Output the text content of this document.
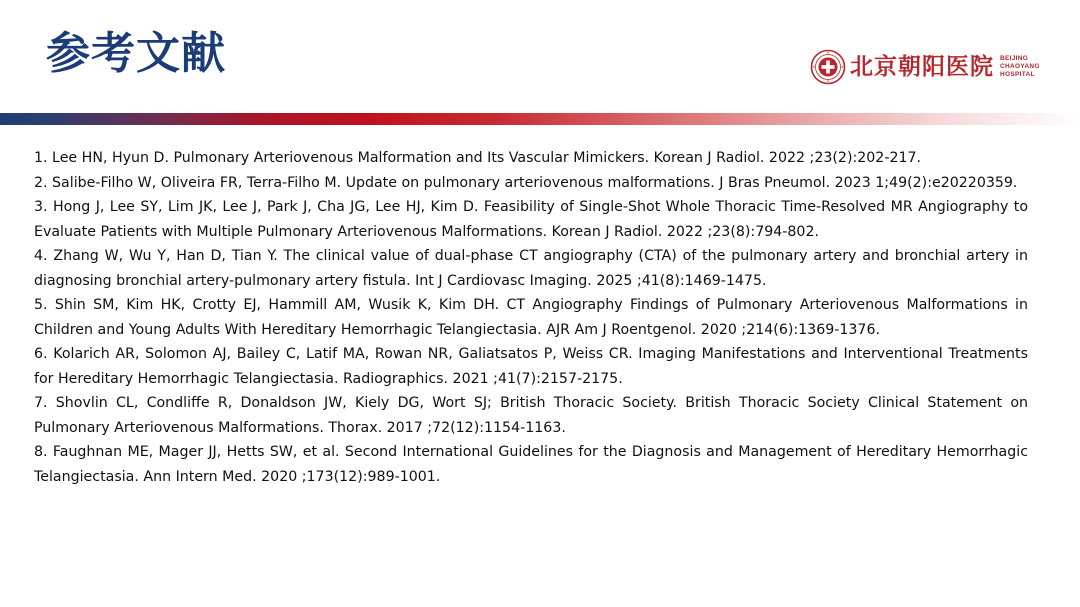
参考文献	北京朝阳医院 BEIJING
CHAOYANG
HOSPITAL
1. Lee HN, Hyun D. Pulmonary Arteriovenous Malformation and Its Vascular Mimickers. Korean J Radiol. 2022 ;23(2):202-217.
2. Salibe-Filho W, Oliveira FR, Terra-Filho M. Update on pulmonary arteriovenous malformations. J Bras Pneumol. 2023 1;49(2):e20220359.
3. Hong J, Lee SY, Lim JK, Lee J, Park J, Cha JG, Lee HJ, Kim D. Feasibility of Single-Shot Whole Thoracic Time-Resolved MR Angiography to Evaluate Patients with Multiple Pulmonary Arteriovenous Malformations. Korean J Radiol. 2022 ;23(8):794-802.
4. Zhang W, Wu Y, Han D, Tian Y. The clinical value of dual-phase CT angiography (CTA) of the pulmonary artery and bronchial artery in diagnosing bronchial artery-pulmonary artery fistula. Int J Cardiovasc Imaging. 2025 ;41(8):1469-1475.
5. Shin SM, Kim HK, Crotty EJ, Hammill AM, Wusik K, Kim DH. CT Angiography Findings of Pulmonary Arteriovenous Malformations in Children and Young Adults With Hereditary Hemorrhagic Telangiectasia. AJR Am J Roentgenol. 2020 ;214(6):1369-1376.
6. Kolarich AR, Solomon AJ, Bailey C, Latif MA, Rowan NR, Galiatsatos P, Weiss CR. Imaging Manifestations and Interventional Treatments for Hereditary Hemorrhagic Telangiectasia. Radiographics. 2021 ;41(7):2157-2175.
7. Shovlin CL, Condliffe R, Donaldson JW, Kiely DG, Wort SJ; British Thoracic Society. British Thoracic Society Clinical Statement on Pulmonary Arteriovenous Malformations. Thorax. 2017 ;72(12):1154-1163.
8. Faughnan ME, Mager JJ, Hetts SW, et al. Second International Guidelines for the Diagnosis and Management of Hereditary Hemorrhagic Telangiectasia. Ann Intern Med. 2020 ;173(12):989-1001.
